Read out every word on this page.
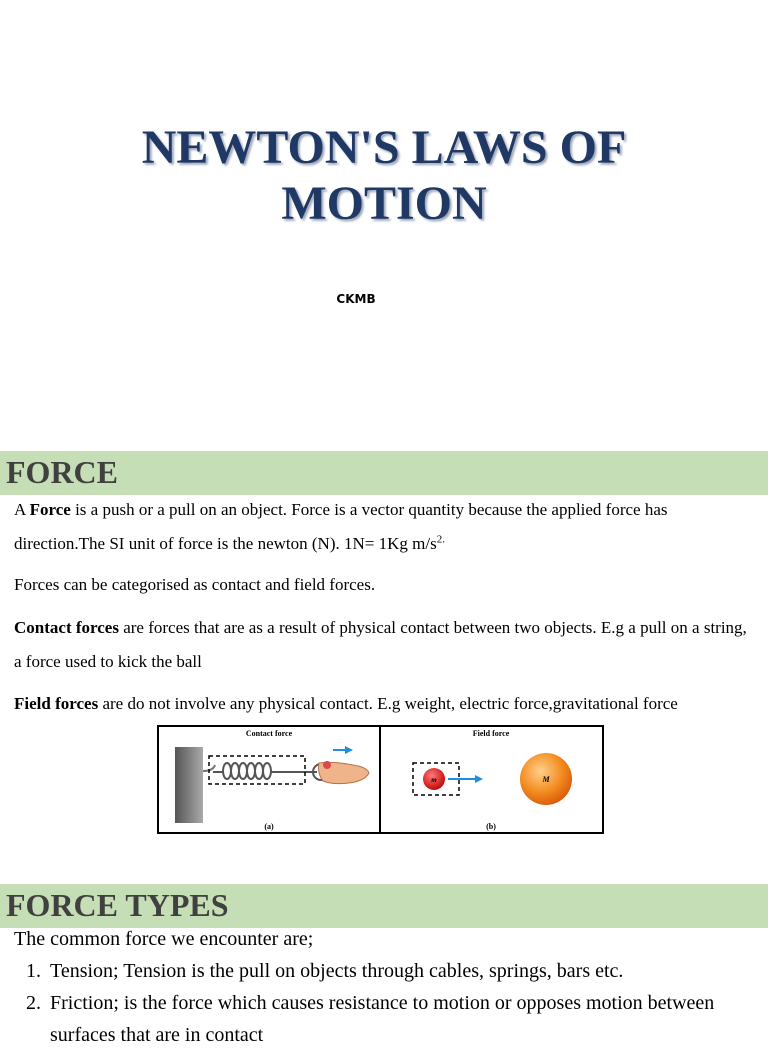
NEWTON'S LAWS OF
MOTION
CKMB
FORCE

A Force is a push or a pull on an object. Force is a vector quantity because the applied force has direction.The SI unit of force is the newton (N). 1N= 1Kg $m/s^{2.}$

Forces can be categorised as contact and field forces.

Contact forces are forces that are as a result of physical contact between two objects. E.g a pull on a string, a force used to kick the ball

Field forces are do not involve any physical contact. E.g weight, electric force,gravitational force

Contact force
(a)
Field force
m	M
(b)
FORCE TYPES
The common force we encounter are;
1. Tension; Tension is the pull on objects through cables, springs, bars etc.
2. Friction; is the force which causes resistance to motion or opposes motion between surfaces that are in contact
